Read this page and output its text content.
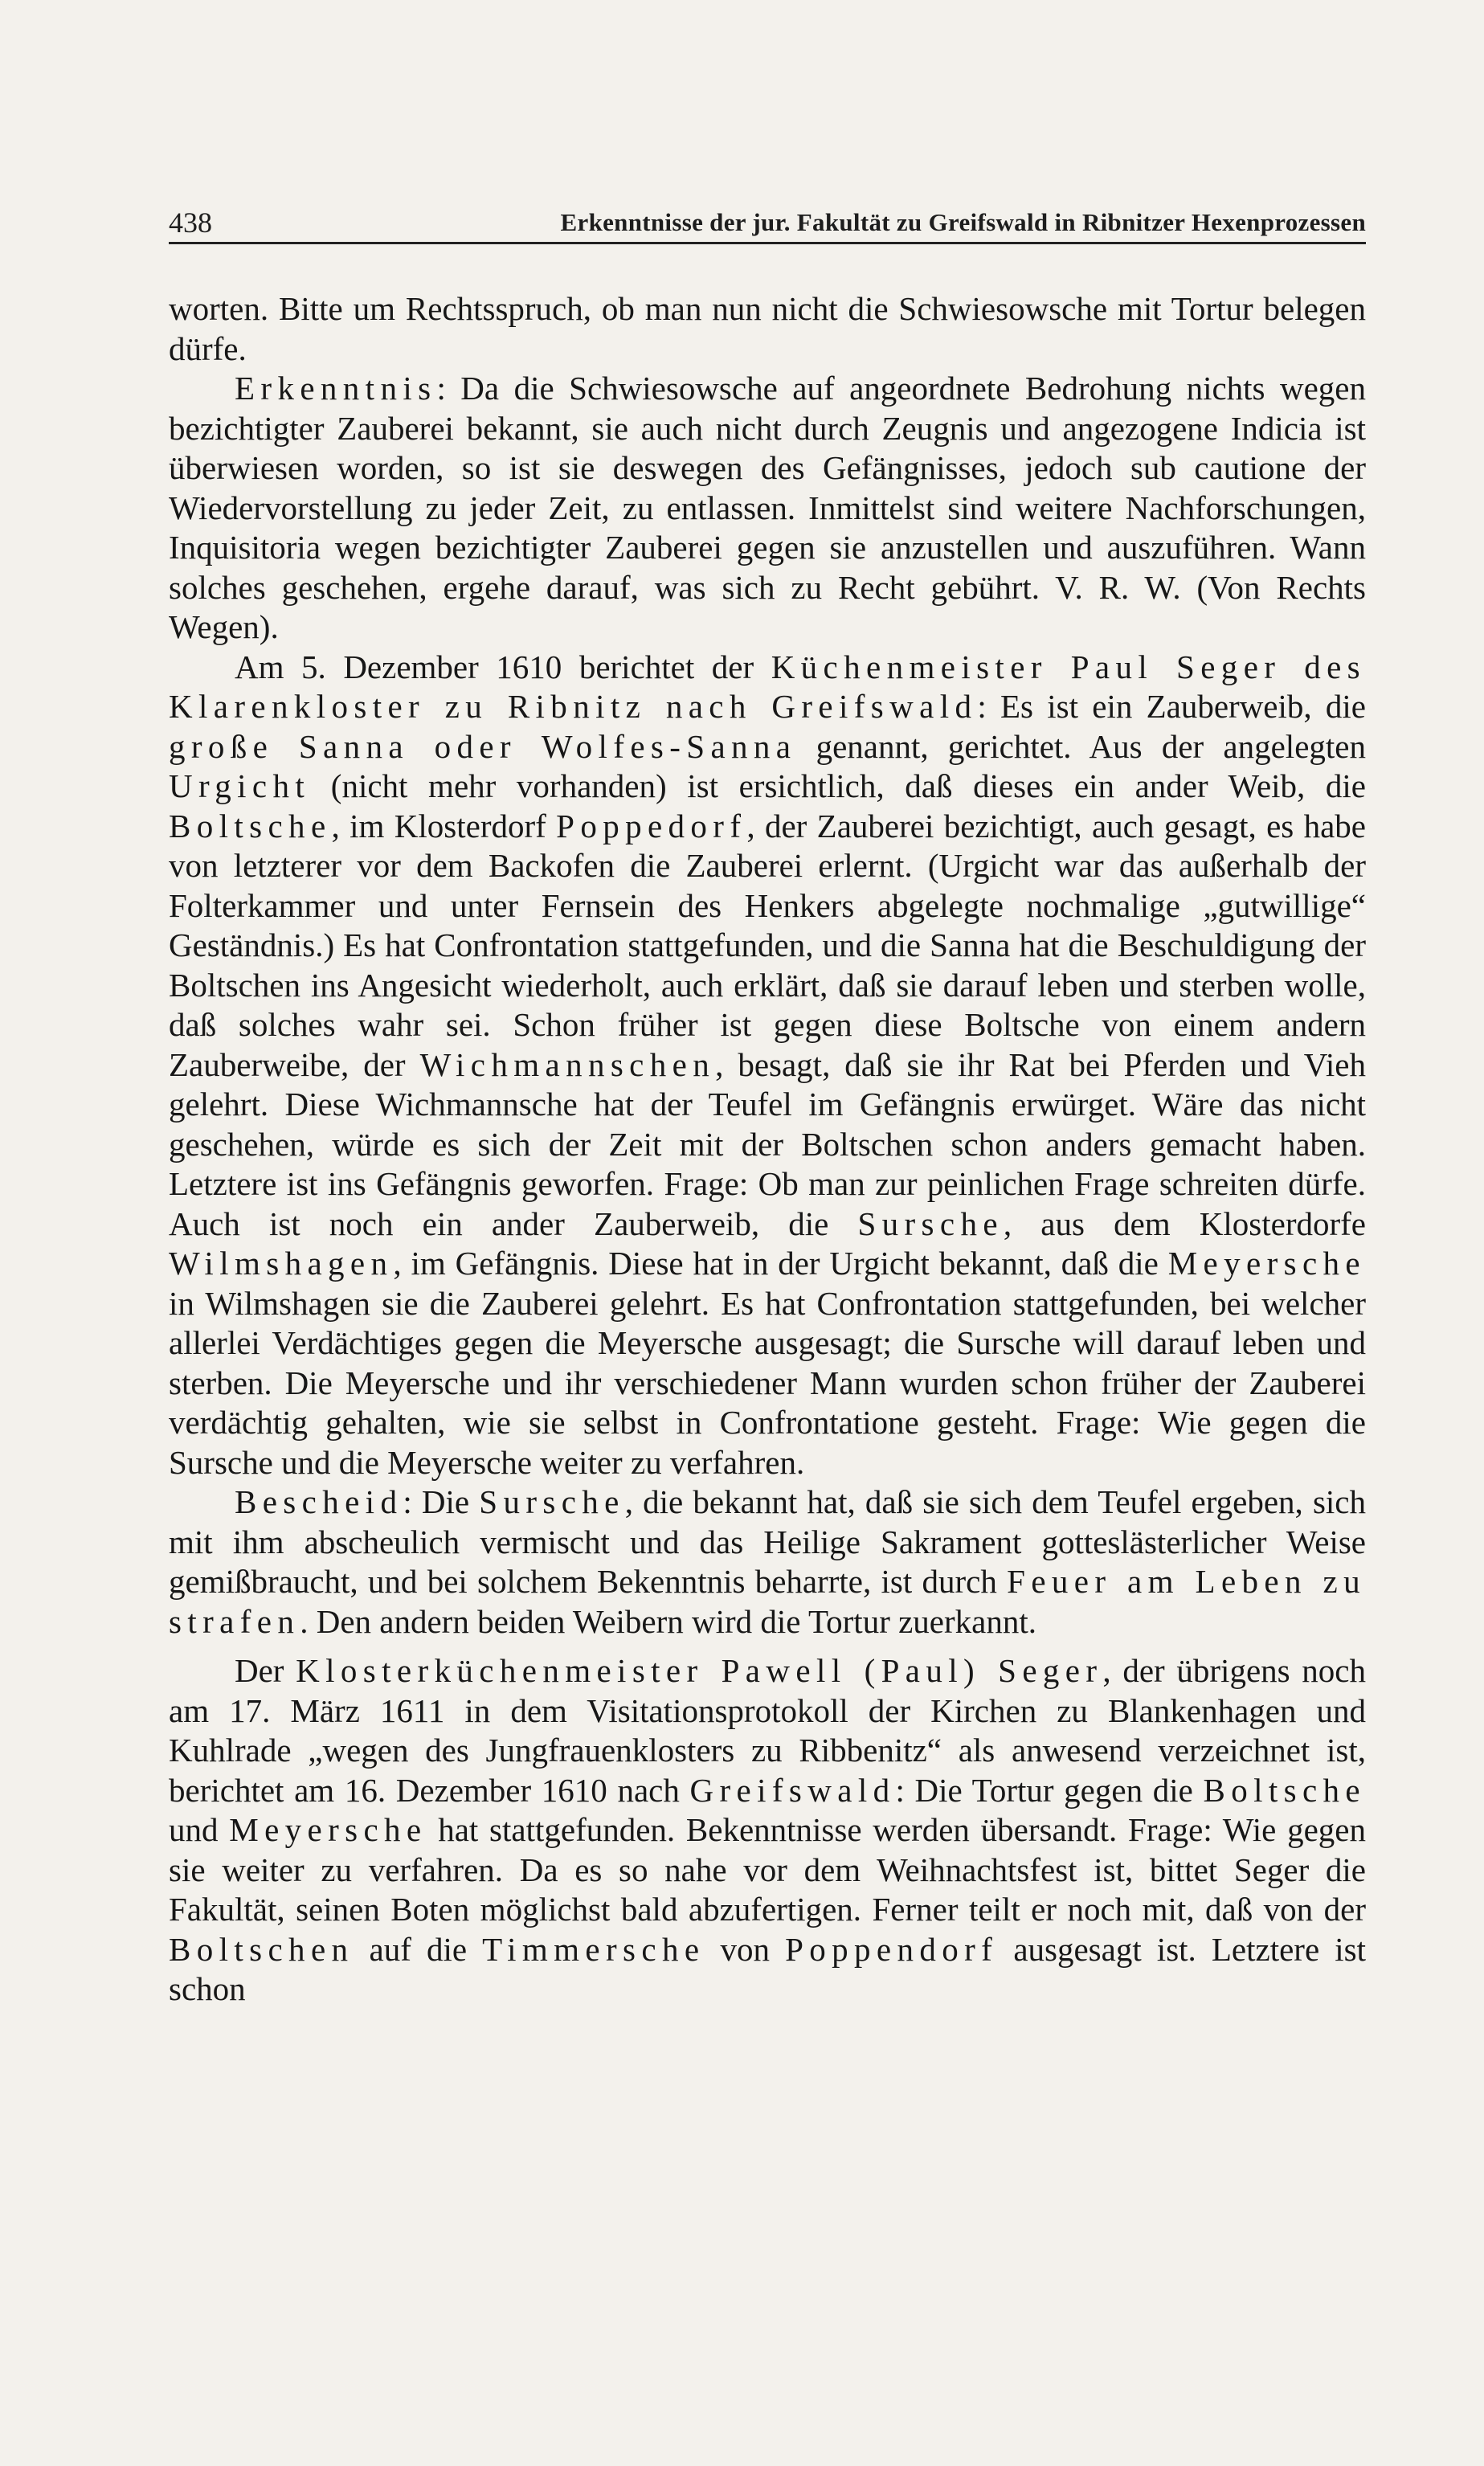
438	Erkenntnisse der jur. Fakultät zu Greifswald in Ribnitzer Hexenprozessen

worten. Bitte um Rechtsspruch, ob man nun nicht die Schwiesowsche mit Tortur belegen dürfe.

Erkenntnis: Da die Schwiesowsche auf angeordnete Bedrohung nichts wegen bezichtigter Zauberei bekannt, sie auch nicht durch Zeugnis und angezogene Indicia ist überwiesen worden, so ist sie deswegen des Gefängnisses, jedoch sub cautione der Wiedervorstellung zu jeder Zeit, zu entlassen. Inmittelst sind weitere Nachforschungen, Inquisitoria wegen bezichtigter Zauberei gegen sie anzustellen und auszuführen. Wann solches geschehen, ergehe darauf, was sich zu Recht gebührt. V. R. W. (Von Rechts Wegen).

Am 5. Dezember 1610 berichtet der Küchenmeister Paul Seger des Klarenkloster zu Ribnitz nach Greifswald: Es ist ein Zauberweib, die große Sanna oder Wolfes-Sanna genannt, gerichtet. Aus der angelegten Urgicht (nicht mehr vorhanden) ist ersichtlich, daß dieses ein ander Weib, die Boltsche, im Klosterdorf Poppedorf, der Zauberei bezichtigt, auch gesagt, es habe von letzterer vor dem Backofen die Zauberei erlernt. (Urgicht war das außerhalb der Folterkammer und unter Fernsein des Henkers abgelegte nochmalige „gutwillige“ Geständnis.) Es hat Confrontation stattgefunden, und die Sanna hat die Beschuldigung der Boltschen ins Angesicht wiederholt, auch erklärt, daß sie darauf leben und sterben wolle, daß solches wahr sei. Schon früher ist gegen diese Boltsche von einem andern Zauberweibe, der Wichmannschen, besagt, daß sie ihr Rat bei Pferden und Vieh gelehrt. Diese Wichmannsche hat der Teufel im Gefängnis erwürget. Wäre das nicht geschehen, würde es sich der Zeit mit der Boltschen schon anders gemacht haben. Letztere ist ins Gefängnis geworfen. Frage: Ob man zur peinlichen Frage schreiten dürfe. Auch ist noch ein ander Zauberweib, die Sursche, aus dem Klosterdorfe Wilmshagen, im Gefängnis. Diese hat in der Urgicht bekannt, daß die Meyersche in Wilmshagen sie die Zauberei gelehrt. Es hat Confrontation stattgefunden, bei welcher allerlei Verdächtiges gegen die Meyersche ausgesagt; die Sursche will darauf leben und sterben. Die Meyersche und ihr verschiedener Mann wurden schon früher der Zauberei verdächtig gehalten, wie sie selbst in Confrontatione gesteht. Frage: Wie gegen die Sursche und die Meyersche weiter zu verfahren.

Bescheid: Die Sursche, die bekannt hat, daß sie sich dem Teufel ergeben, sich mit ihm abscheulich vermischt und das Heilige Sakrament gotteslästerlicher Weise gemißbraucht, und bei solchem Bekenntnis beharrte, ist durch Feuer am Leben zu strafen. Den andern beiden Weibern wird die Tortur zuerkannt.

Der Klosterküchenmeister Pawell (Paul) Seger, der übrigens noch am 17. März 1611 in dem Visitationsprotokoll der Kirchen zu Blankenhagen und Kuhlrade „wegen des Jungfrauenklosters zu Ribbenitz“ als anwesend verzeichnet ist, berichtet am 16. Dezember 1610 nach Greifswald: Die Tortur gegen die Boltsche und Meyersche hat stattgefunden. Bekenntnisse werden übersandt. Frage: Wie gegen sie weiter zu verfahren. Da es so nahe vor dem Weihnachtsfest ist, bittet Seger die Fakultät, seinen Boten möglichst bald abzufertigen. Ferner teilt er noch mit, daß von der Boltschen auf die Timmersche von Poppendorf ausgesagt ist. Letztere ist schon
